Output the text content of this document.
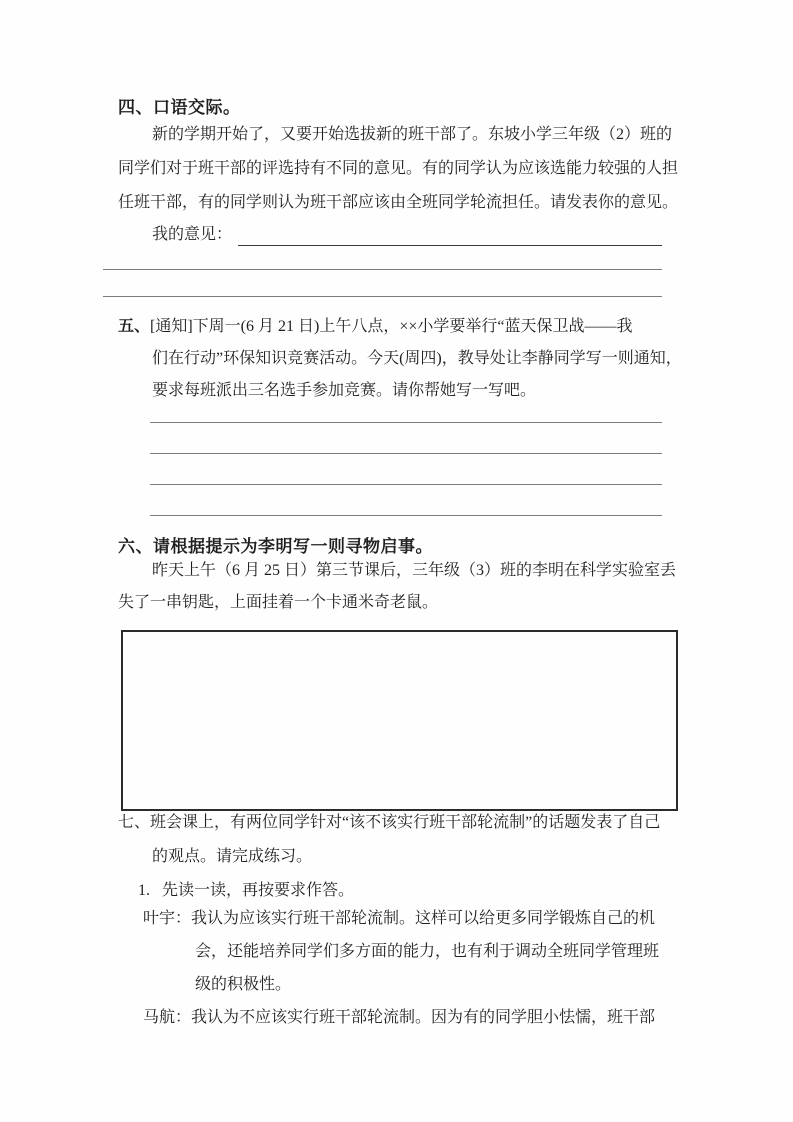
四、口语交际。
新的学期开始了，又要开始选拔新的班干部了。东坡小学三年级（2）班的
同学们对于班干部的评选持有不同的意见。有的同学认为应该选能力较强的人担
任班干部，有的同学则认为班干部应该由全班同学轮流担任。请发表你的意见。
我的意见：
五、[通知]下周一(6 月 21 日)上午八点，××小学要举行“蓝天保卫战——我
们在行动”环保知识竞赛活动。今天(周四)，教导处让李静同学写一则通知，
要求每班派出三名选手参加竞赛。请你帮她写一写吧。
六、请根据提示为李明写一则寻物启事。
昨天上午（6 月 25 日）第三节课后，三年级（3）班的李明在科学实验室丢
失了一串钥匙，上面挂着一个卡通米奇老鼠。
七、班会课上，有两位同学针对“该不该实行班干部轮流制”的话题发表了自己
的观点。请完成练习。
1. 先读一读，再按要求作答。
叶宇：我认为应该实行班干部轮流制。这样可以给更多同学锻炼自己的机
会，还能培养同学们多方面的能力，也有利于调动全班同学管理班
级的积极性。
马航：我认为不应该实行班干部轮流制。因为有的同学胆小怯懦，班干部
